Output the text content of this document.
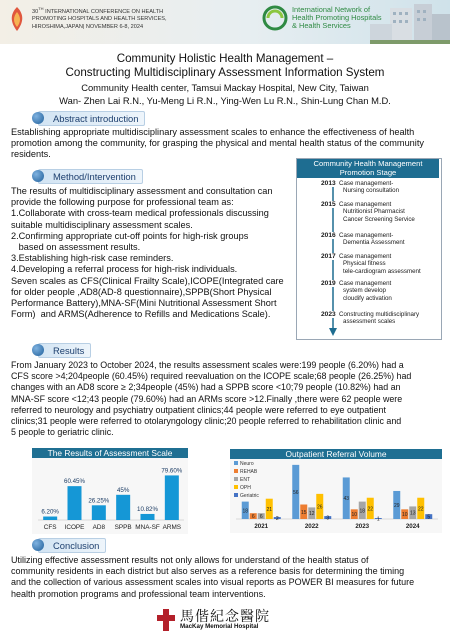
30TH INTERNATIONAL CONFERENCE ON HEALTH
PROMOTING HOSPITALS AND HEALTH SERVICES,
HIROSHIMA,JAPAN| NOVEMBER 6-8, 2024
International Network of
Health Promoting Hospitals
& Health Services
Community Holistic Health Management –
Constructing Multidisciplinary Assessment Information System
Community Health center, Tamsui Mackay Hospital, New City, Taiwan
Wan- Zhen Lai R.N., Yu-Meng Li R.N., Ying-Wen Lu R.N., Shin-Lung Chan M.D.
Abstract introduction
Establishing appropriate multidisciplinary assessment scales to enhance the effectiveness of health promotion among the community, for grasping the physical and mental health status of the community residents.
Method/Intervention
The results of multidisciplinary assessment and consultation can
provide the following purpose for professional team as:
1.Collaborate with cross-team medical professionals discussing
suitable multidisciplinary assessment scales.
2.Confirming appropriate cut-off points for high-risk groups
based on assessment results.
3.Establishing high-risk case reminders.
4.Developing a referral process for high-risk individuals.
Seven scales as CFS(Clinical Frailty Scale),ICOPE(Integrated care
for older people ,AD8(AD-8 questionnaire),SPPB(Short Physical
Performance Battery),MNA-SF(Mini Nutritional Assessment Short
Form)  and ARMS(Adherence to Refills and Medications Scale).
Community Health Management
Promotion Stage
2013 Case management-
Nursing consultation
2015 Case management
Nutritionist Pharmacist
Cancer Screening Service
2016 Case management-
Dementia Assessment
2017 Case management
Physical fitness
tele-cardiogram assessment
2019 Case management
system develop
cloudify activation
2023 Constructing multidisciplinary
assessment scales
Results
From January 2023 to October 2024, the results assessment scales were:199 people (6.20%) had a
CFS score >4;204people (60.45%) required reevaluation on the ICOPE scale;68 people (26.25%) had
changes with an AD8 score ≥ 2;34people (45%) had a SPPB score <10;79 people (10.82%) had an
MNA-SF score <12;43 people (79.60%) had an ARMs score >12.Finally ,there were 62 people were
referred to neurology and psychiatry outpatient clinics;44 people were referred to eye outpatient
clinics;31 people were referred to otolaryngology clinic;20 people referred to rehabilitation clinic and
5 people to geriatric clinic.
The Results of Assessment Scale
6.20%
CFS
60.45%
ICOPE
26.25%
AD8
45%
SPPB
10.82%
MNA-SF
79.60%
ARMS
Outpatient Referral Volume
18
6 6
21
2
2021
56
15 12
26
3
2022
43
10
18 22
1
2023
29
10 13
22
5
2024
Neuro
REHAB
ENT
OPH
Geriatric
Conclusion
Utilizing effective assessment results not only allows for understand of the health status of
community residents in each district but also serves as a reference basis for determining the timing
and the collection of various assessment scales into visual reports as POWER BI measures for future
health promotion programs and professional team interventions.
馬偕紀念醫院
MacKay Memorial Hospital
